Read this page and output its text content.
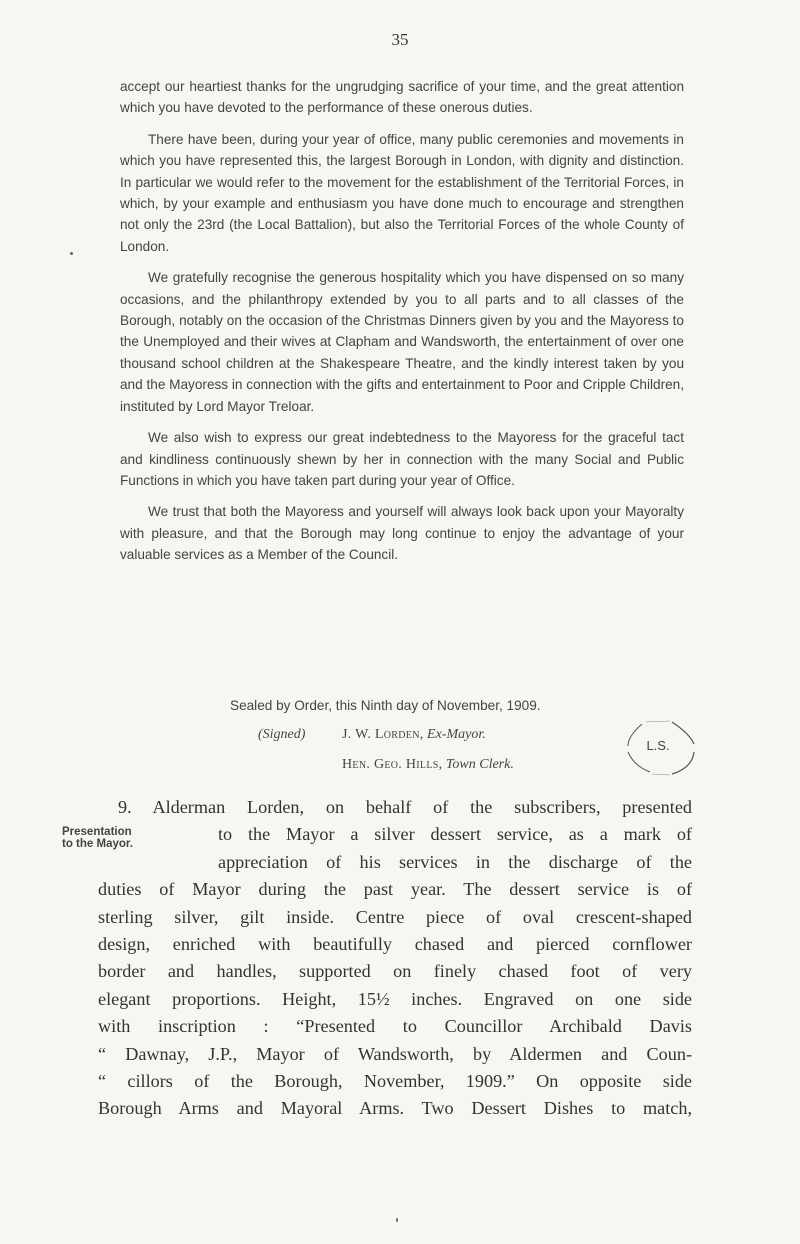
35

accept our heartiest thanks for the ungrudging sacrifice of your time, and the great attention which you have devoted to the performance of these onerous duties.

There have been, during your year of office, many public ceremonies and movements in which you have represented this, the largest Borough in London, with dignity and distinction. In particular we would refer to the movement for the establishment of the Territorial Forces, in which, by your example and enthusiasm you have done much to encourage and strengthen not only the 23rd (the Local Battalion), but also the Territorial Forces of the whole County of London.

We gratefully recognise the generous hospitality which you have dispensed on so many occasions, and the philanthropy extended by you to all parts and to all classes of the Borough, notably on the occasion of the Christmas Dinners given by you and the Mayoress to the Unemployed and their wives at Clapham and Wandsworth, the entertainment of over one thousand school children at the Shakespeare Theatre, and the kindly interest taken by you and the Mayoress in connection with the gifts and entertainment to Poor and Cripple Children, instituted by Lord Mayor Treloar.

We also wish to express our great indebtedness to the Mayoress for the graceful tact and kindliness continuously shewn by her in connection with the many Social and Public Functions in which you have taken part during your year of Office.

We trust that both the Mayoress and yourself will always look back upon your Mayoralty with pleasure, and that the Borough may long continue to enjoy the advantage of your valuable services as a Member of the Council.

Sealed by Order, this Ninth day of November, 1909.
(Signed)	J. W. Lorden, Ex-Mayor.
Hen. Geo. Hills, Town Clerk.
L.S.
Presentation
to the Mayor.
9. Alderman Lorden, on behalf of the subscribers, presented
to the Mayor a silver dessert service, as a mark of
appreciation of his services in the discharge of the
duties of Mayor during the past year. The dessert service is of
sterling silver, gilt inside. Centre piece of oval crescent-shaped
design, enriched with beautifully chased and pierced cornflower
border and handles, supported on finely chased foot of very
elegant proportions. Height, 15½ inches. Engraved on one side
with inscription : “Presented to Councillor Archibald Davis
“ Dawnay, J.P., Mayor of Wandsworth, by Aldermen and Coun-
“ cillors of the Borough, November, 1909.” On opposite side
Borough Arms and Mayoral Arms. Two Dessert Dishes to match,
